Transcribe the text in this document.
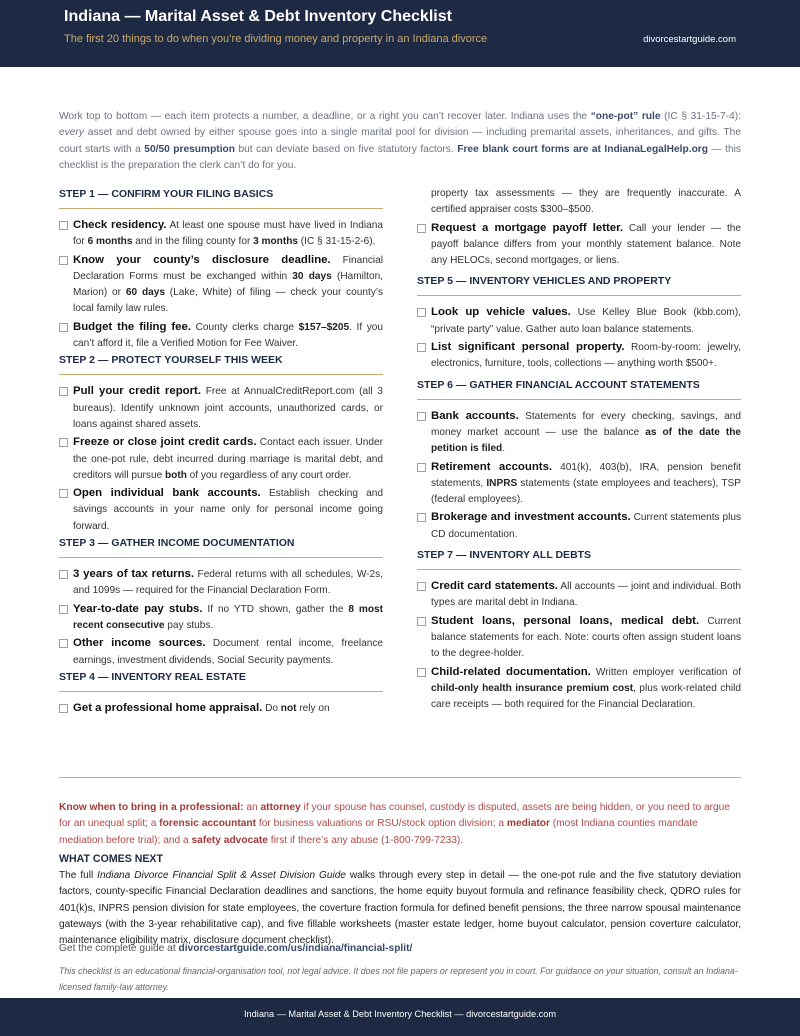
Indiana — Marital Asset & Debt Inventory Checklist
The first 20 things to do when you’re dividing money and property in an Indiana divorce	divorcestartguide.com

Work top to bottom — each item protects a number, a deadline, or a right you can’t recover later. Indiana uses the “one-pot” rule (IC § 31-15-7-4): every asset and debt owned by either spouse goes into a single marital pool for division — including premarital assets, inheritances, and gifts. The court starts with a 50/50 presumption but can deviate based on five statutory factors. Free blank court forms are at IndianaLegalHelp.org — this checklist is the preparation the clerk can’t do for you.

STEP 1 — CONFIRM YOUR FILING BASICS
Check residency. At least one spouse must have lived in Indiana for 6 months and in the filing county for 3 months (IC § 31-15-2-6).
Know your county’s disclosure deadline. Financial Declaration Forms must be exchanged within 30 days (Hamilton, Marion) or 60 days (Lake, White) of filing — check your county’s local family law rules.
Budget the filing fee. County clerks charge $157–$205. If you can’t afford it, file a Verified Motion for Fee Waiver.
STEP 2 — PROTECT YOURSELF THIS WEEK
Pull your credit report. Free at AnnualCreditReport.com (all 3 bureaus). Identify unknown joint accounts, unauthorized cards, or loans against shared assets.
Freeze or close joint credit cards. Contact each issuer. Under the one-pot rule, debt incurred during marriage is marital debt, and creditors will pursue both of you regardless of any court order.
Open individual bank accounts. Establish checking and savings accounts in your name only for personal income going forward.
STEP 3 — GATHER INCOME DOCUMENTATION
3 years of tax returns. Federal returns with all schedules, W-2s, and 1099s — required for the Financial Declaration Form.
Year-to-date pay stubs. If no YTD shown, gather the 8 most recent consecutive pay stubs.
Other income sources. Document rental income, freelance earnings, investment dividends, Social Security payments.
STEP 4 — INVENTORY REAL ESTATE
Get a professional home appraisal. Do not rely on
property tax assessments — they are frequently inaccurate. A certified appraiser costs $300–$500.
Request a mortgage payoff letter. Call your lender — the payoff balance differs from your monthly statement balance. Note any HELOCs, second mortgages, or liens.
STEP 5 — INVENTORY VEHICLES AND PROPERTY
Look up vehicle values. Use Kelley Blue Book (kbb.com), “private party” value. Gather auto loan balance statements.
List significant personal property. Room-by-room: jewelry, electronics, furniture, tools, collections — anything worth $500+.
STEP 6 — GATHER FINANCIAL ACCOUNT STATEMENTS
Bank accounts. Statements for every checking, savings, and money market account — use the balance as of the date the petition is filed.
Retirement accounts. 401(k), 403(b), IRA, pension benefit statements, INPRS statements (state employees and teachers), TSP (federal employees).
Brokerage and investment accounts. Current statements plus CD documentation.
STEP 7 — INVENTORY ALL DEBTS
Credit card statements. All accounts — joint and individual. Both types are marital debt in Indiana.
Student loans, personal loans, medical debt. Current balance statements for each. Note: courts often assign student loans to the degree-holder.
Child-related documentation. Written employer verification of child-only health insurance premium cost, plus work-related child care receipts — both required for the Financial Declaration.

Know when to bring in a professional: an attorney if your spouse has counsel, custody is disputed, assets are being hidden, or you need to argue for an unequal split; a forensic accountant for business valuations or RSU/stock option division; a mediator (most Indiana counties mandate mediation before trial); and a safety advocate first if there’s any abuse (1-800-799-7233).

WHAT COMES NEXT

The full Indiana Divorce Financial Split & Asset Division Guide walks through every step in detail — the one-pot rule and the five statutory deviation factors, county-specific Financial Declaration deadlines and sanctions, the home equity buyout formula and refinance feasibility check, QDRO rules for 401(k)s, INPRS pension division for state employees, the coverture fraction formula for defined benefit pensions, the three narrow spousal maintenance gateways (with the 3-year rehabilitative cap), and five fillable worksheets (master estate ledger, home buyout calculator, pension coverture calculator, maintenance eligibility matrix, disclosure document checklist).

Get the complete guide at divorcestartguide.com/us/indiana/financial-split/

This checklist is an educational financial-organisation tool, not legal advice. It does not file papers or represent you in court. For guidance on your situation, consult an Indiana-licensed family-law attorney.

Indiana — Marital Asset & Debt Inventory Checklist — divorcestartguide.com
